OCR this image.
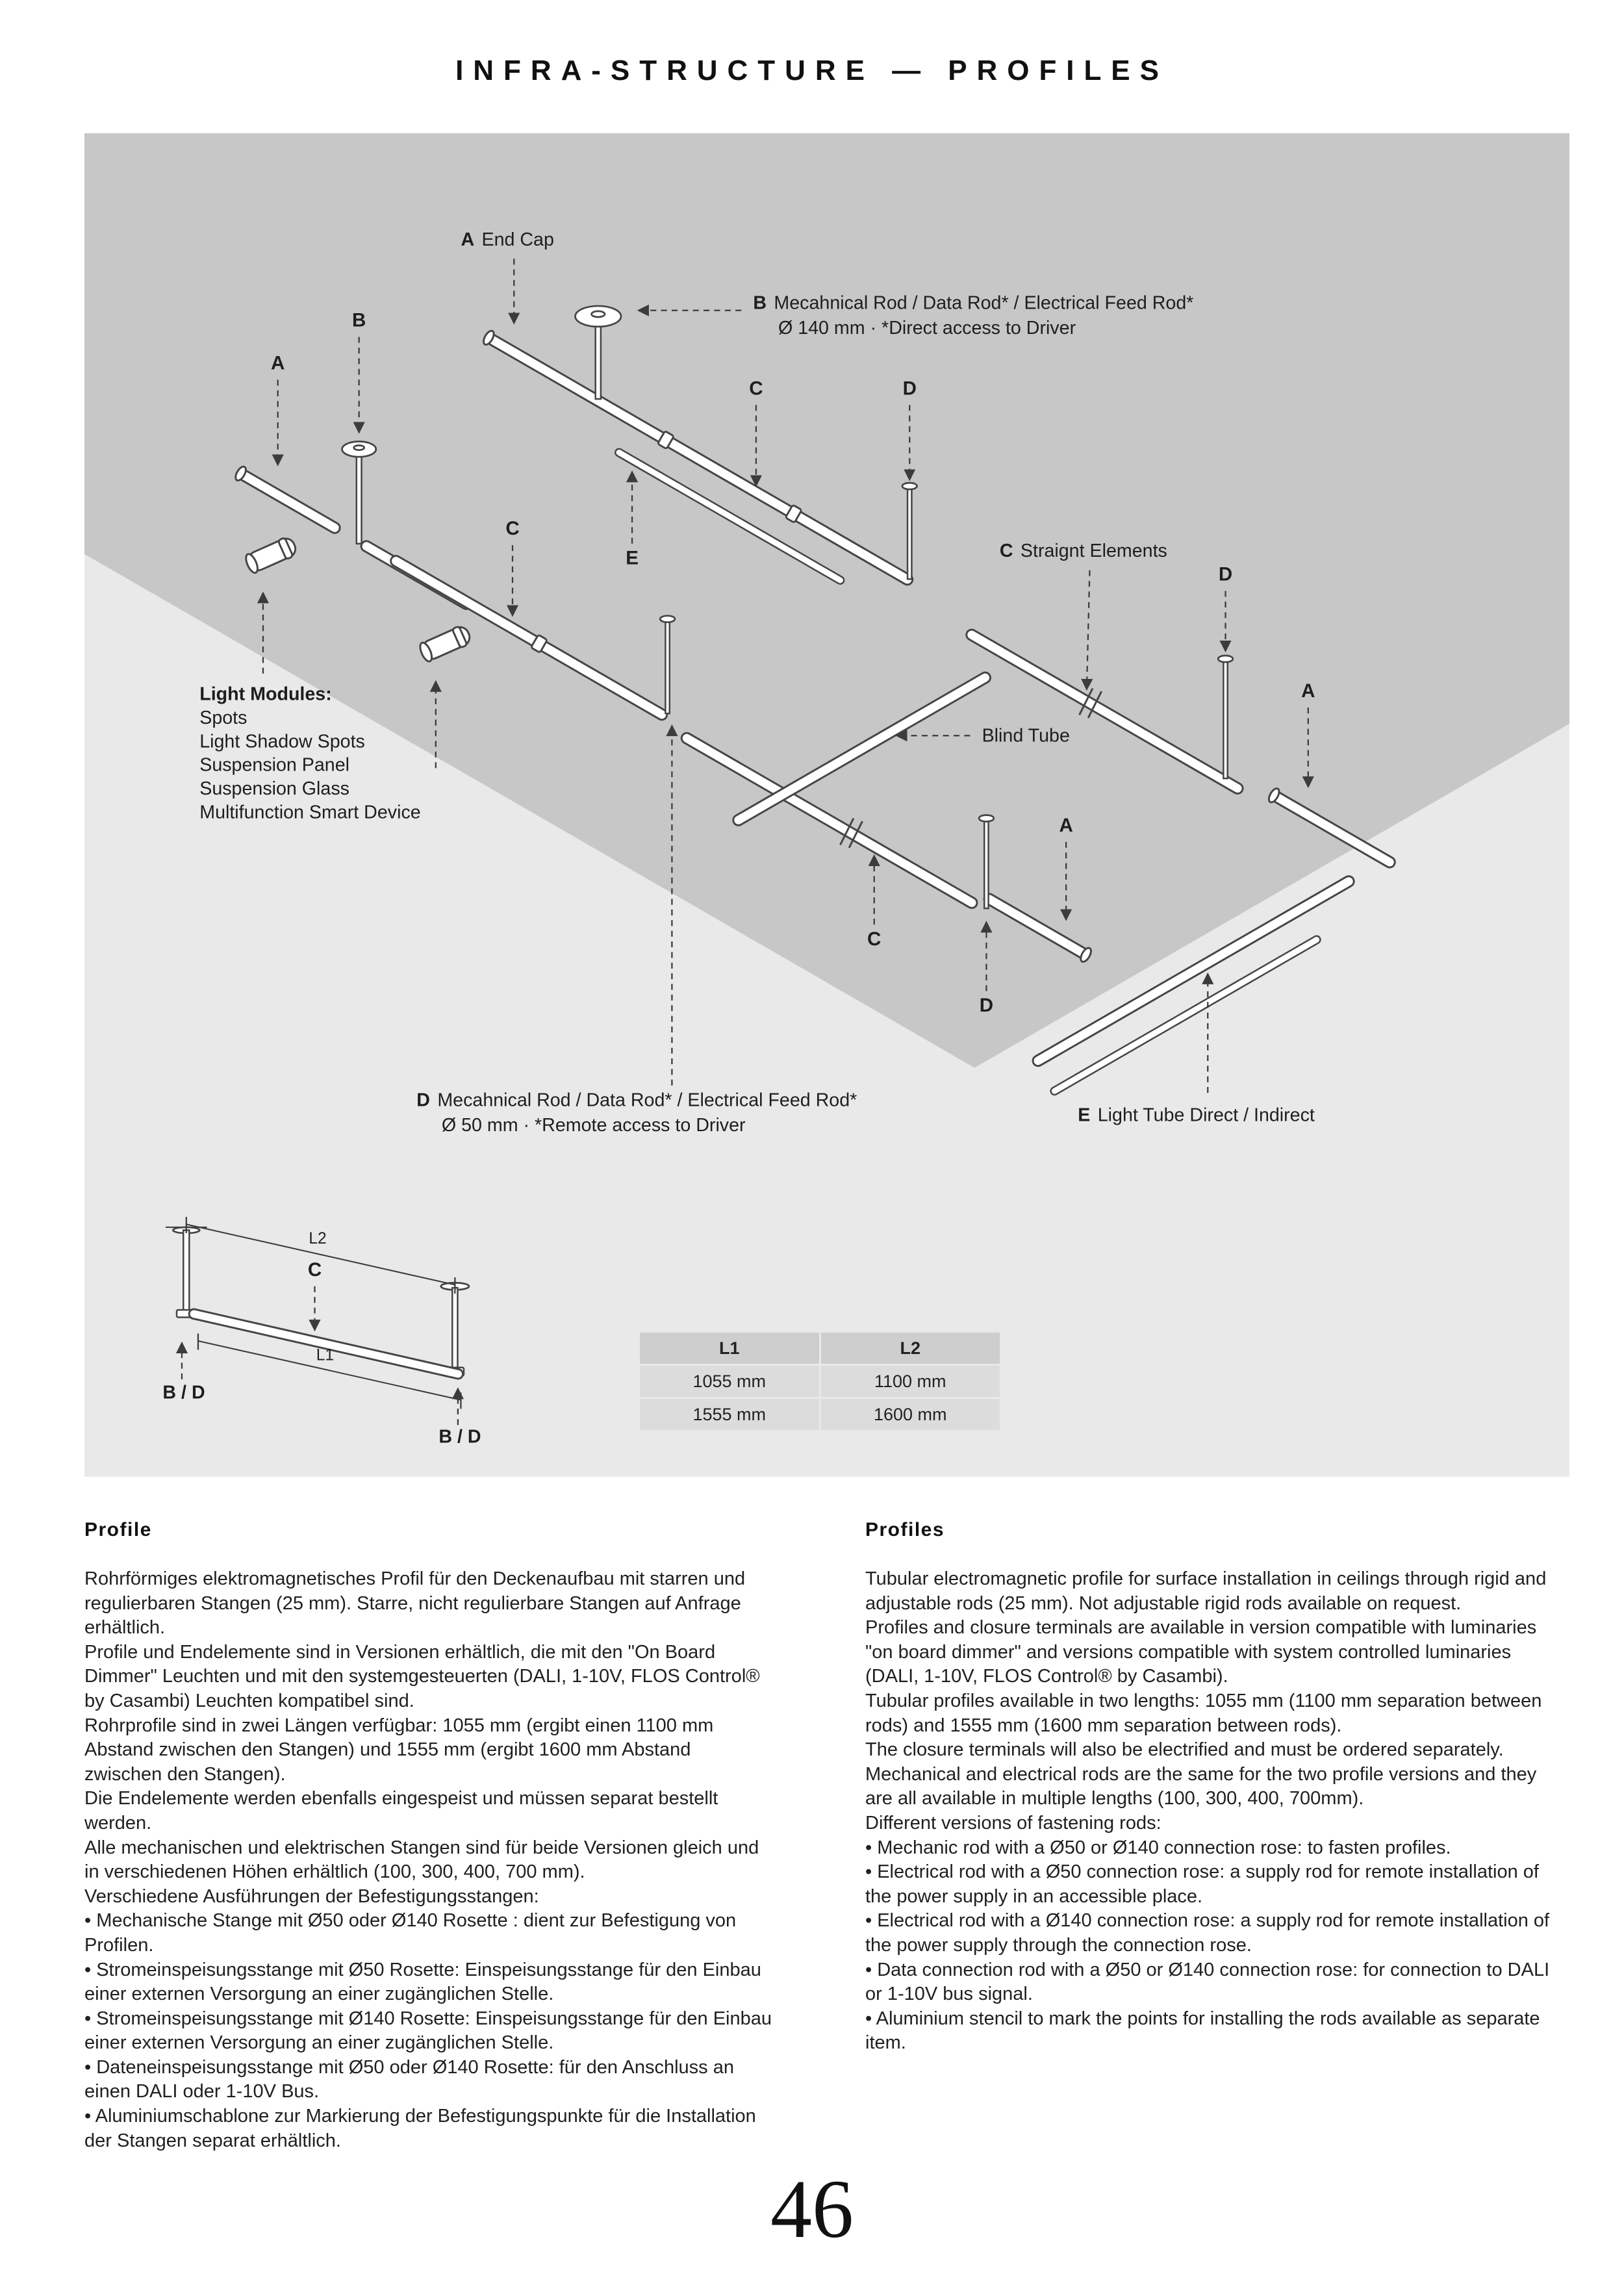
INFRA-STRUCTURE — PROFILES
A End Cap
B Mecahnical Rod / Data Rod* / Electrical Feed Rod*
Ø 140 mm · *Direct access to Driver
B
A
C	D
E
C
D
A
A
C
D
C Straignt Elements
Blind Tube
Light Modules:
Spots
Light Shadow Spots
Suspension Panel
Suspension Glass
Multifunction Smart Device
D Mecahnical Rod / Data Rod* / Electrical Feed Rod*
Ø 50 mm · *Remote access to Driver	E Light Tube Direct / Indirect
L2
L1
C
B / D
B / D
L1	L2
1055 mm	1100 mm
1555 mm	1600 mm
Profile

Rohrförmiges elektromagnetisches Profil für den Deckenaufbau mit starren und regulierbaren Stangen (25 mm). Starre, nicht regulierbare Stangen auf Anfrage erhältlich.

Profile und Endelemente sind in Versionen erhältlich, die mit den "On Board Dimmer" Leuchten und mit den systemgesteuerten (DALI, 1-10V, FLOS Control® by Casambi) Leuchten kompatibel sind.

Rohrprofile sind in zwei Längen verfügbar: 1055 mm (ergibt einen 1100 mm Abstand zwischen den Stangen) und 1555 mm (ergibt 1600 mm Abstand zwischen den Stangen).

Die Endelemente werden ebenfalls eingespeist und müssen separat bestellt werden.

Alle mechanischen und elektrischen Stangen sind für beide Versionen gleich und in verschiedenen Höhen erhältlich (100, 300, 400, 700 mm).

Verschiedene Ausführungen der Befestigungsstangen:

• Mechanische Stange mit Ø50 oder Ø140 Rosette : dient zur Befestigung von Profilen.

• Stromeinspeisungsstange mit Ø50 Rosette: Einspeisungsstange für den Einbau einer externen Versorgung an einer zugänglichen Stelle.

• Stromeinspeisungsstange mit Ø140 Rosette: Einspeisungsstange für den Einbau einer externen Versorgung an einer zugänglichen Stelle.

• Dateneinspeisungsstange mit Ø50 oder Ø140 Rosette: für den Anschluss an einen DALI oder 1-10V Bus.

• Aluminiumschablone zur Markierung der Befestigungspunkte für die Installation der Stangen separat erhältlich.

Profiles

Tubular electromagnetic profile for surface installation in ceilings through rigid and adjustable rods (25 mm). Not adjustable rigid rods available on request.

Profiles and closure terminals are available in version compatible with luminaries "on board dimmer" and versions compatible with system controlled luminaries (DALI, 1-10V, FLOS Control® by Casambi).

Tubular profiles available in two lengths: 1055 mm (1100 mm separation between rods) and 1555 mm (1600 mm separation between rods).

The closure terminals will also be electrified and must be ordered separately.

Mechanical and electrical rods are the same for the two profile versions and they are all available in multiple lengths (100, 300, 400, 700mm).

Different versions of fastening rods:

• Mechanic rod with a Ø50 or Ø140 connection rose: to fasten profiles.

• Electrical rod with a Ø50 connection rose: a supply rod for remote installation of the power supply in an accessible place.

• Electrical rod with a Ø140 connection rose: a supply rod for remote installation of the power supply through the connection rose.

• Data connection rod with a Ø50 or Ø140 connection rose: for connection to DALI or 1-10V bus signal.

• Aluminium stencil to mark the points for installing the rods available as separate item.

46
